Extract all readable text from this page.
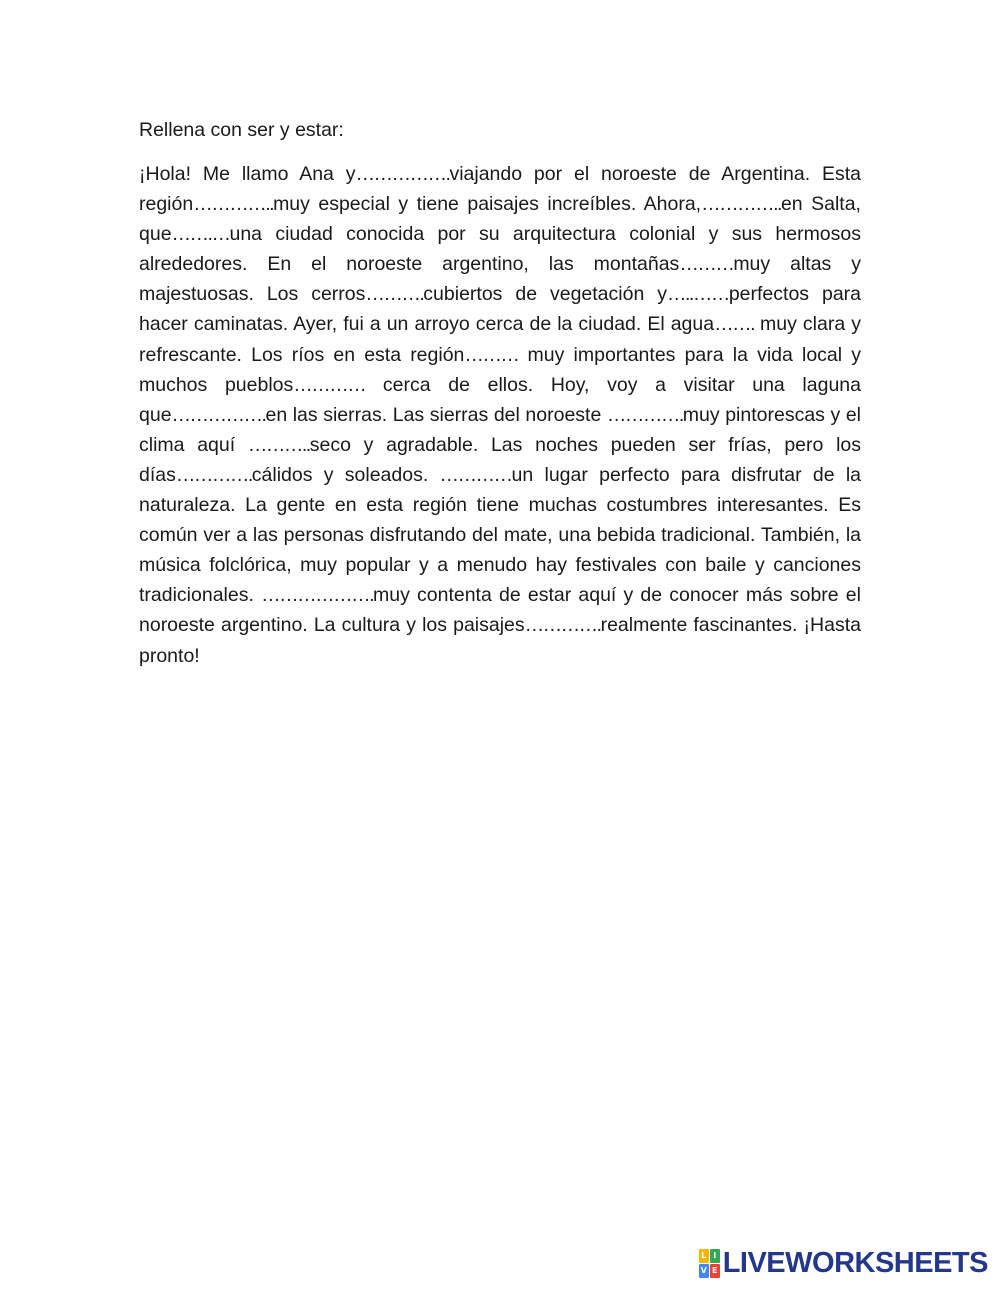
Rellena con ser y estar:

¡Hola! Me llamo Ana y…………….viajando por el noroeste de Argentina. Esta región…………..muy especial y tiene paisajes increíbles. Ahora,…………..en Salta, que…….…una ciudad conocida por su arquitectura colonial y sus hermosos alrededores. En el noroeste argentino, las montañas………muy altas y majestuosas. Los cerros……….cubiertos de vegetación y…..……perfectos para hacer caminatas. Ayer, fui a un arroyo cerca de la ciudad. El agua……. muy clara y refrescante. Los ríos en esta región……… muy importantes para la vida local y muchos pueblos………… cerca de ellos. Hoy, voy a visitar una laguna que…………….en las sierras. Las sierras del noroeste ………….muy pintorescas y el clima aquí ………..seco y agradable. Las noches pueden ser frías, pero los días………….cálidos y soleados. …………un lugar perfecto para disfrutar de la naturaleza. La gente en esta región tiene muchas costumbres interesantes. Es común ver a las personas disfrutando del mate, una bebida tradicional. También, la música folclórica, muy popular y a menudo hay festivales con baile y canciones tradicionales. ……………….muy contenta de estar aquí y de conocer más sobre el noroeste argentino. La cultura y los paisajes………….realmente fascinantes. ¡Hasta pronto!

L I
V E LIVEWORKSHEETS
